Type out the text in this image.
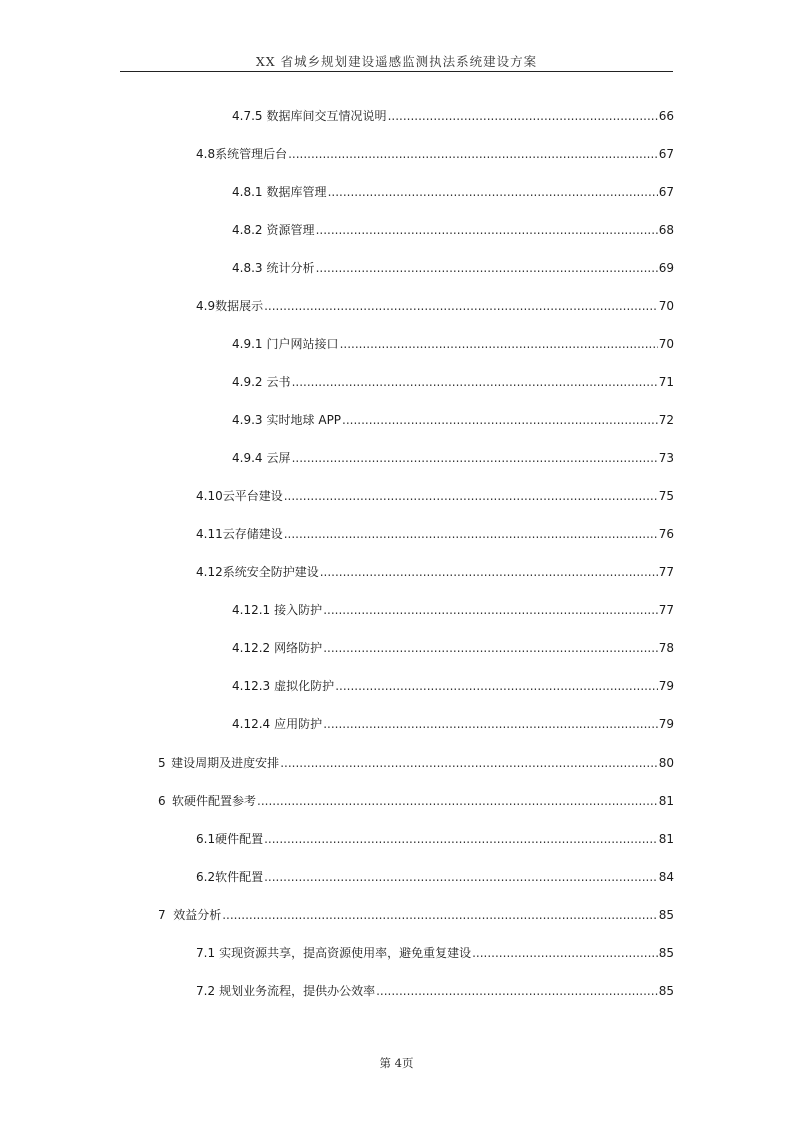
XX 省城乡规划建设遥感监测执法系统建设方案
4.7.5 数据库间交互情况说明 .....	66
4.8 系统管理后台 .....	67
4.8.1 数据库管理 .....	67
4.8.2 资源管理 .....	68
4.8.3 统计分析 .....	69
4.9 数据展示 .....	70
4.9.1 门户网站接口 .....	70
4.9.2 云书 .....	71
4.9.3 实时地球 APP .....	72
4.9.4 云屏 .....	73
4.10 云平台建设 .....	75
4.11 云存储建设 .....	76
4.12 系统安全防护建设 .....	77
4.12.1 接入防护 .....	77
4.12.2 网络防护 .....	78
4.12.3 虚拟化防护 .....	79
4.12.4 应用防护 .....	79
5 建设周期及进度安排 .....	80
6 软硬件配置参考 .....	81
6.1 硬件配置 .....	81
6.2 软件配置 .....	84
7 效益分析 .....	85
7.1 实现资源共享，提高资源使用率，避免重复建设 .....	85
7.2 规划业务流程，提供办公效率 .....	85
第 4页
